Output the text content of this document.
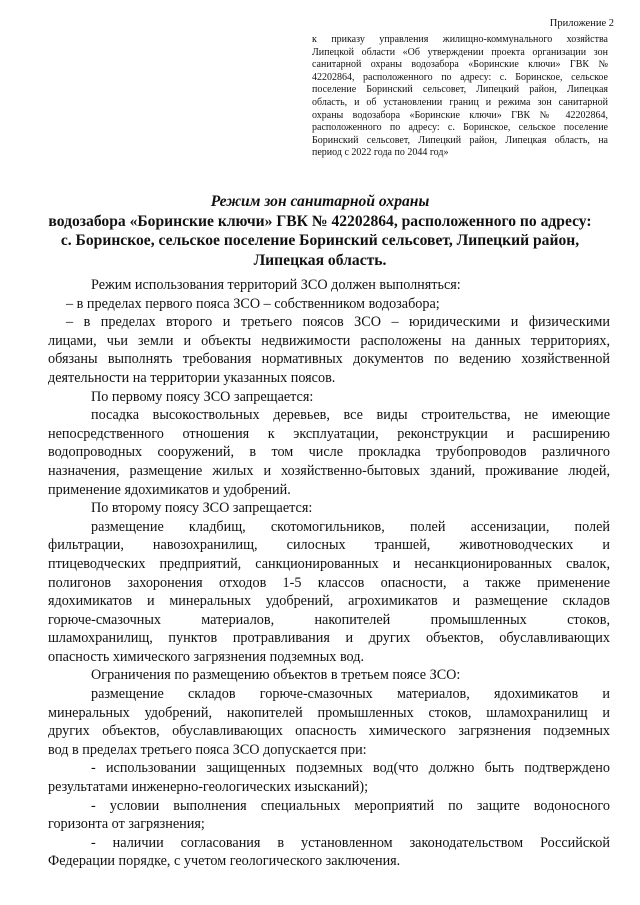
Приложение 2
к приказу управления жилищно-коммунального хозяйства
Липецкой области «Об утверждении проекта организации зон
санитарной охраны водозабора «Боринские ключи» ГВК №
42202864, расположенного по адресу: с. Боринское, сельское
поселение Боринский сельсовет, Липецкий район, Липецкая
область, и об установлении границ и режима зон санитарной
охраны водозабора «Боринские ключи» ГВК № 42202864,
расположенного по адресу: с. Боринское, сельское поселение
Боринский сельсовет, Липецкий район, Липецкая область, на
период с 2022 года по 2044 год»
Режим зон санитарной охраны
водозабора «Боринские ключи» ГВК № 42202864, расположенного по адресу:
с. Боринское, сельское поселение Боринский сельсовет, Липецкий район,
Липецкая область.
Режим использования территорий ЗСО должен выполняться:
– в пределах первого пояса ЗСО – собственником водозабора;
– в пределах второго и третьего поясов ЗСО – юридическими и физическими
лицами, чьи земли и объекты недвижимости расположены на данных территориях,
обязаны выполнять требования нормативных документов по ведению хозяйственной
деятельности на территории указанных поясов.
По первому поясу ЗСО запрещается:
посадка высокоствольных деревьев, все виды строительства, не имеющие
непосредственного отношения к эксплуатации, реконструкции и расширению
водопроводных сооружений, в том числе прокладка трубопроводов различного
назначения, размещение жилых и хозяйственно-бытовых зданий, проживание людей,
применение ядохимикатов и удобрений.
По второму поясу ЗСО запрещается:
размещение кладбищ, скотомогильников, полей ассенизации, полей
фильтрации, навозохранилищ, силосных траншей, животноводческих и
птицеводческих предприятий, санкционированных и несанкционированных свалок,
полигонов захоронения отходов 1-5 классов опасности, а также применение
ядохимикатов и минеральных удобрений, агрохимикатов и размещение складов
горюче-смазочных материалов, накопителей промышленных стоков,
шламохранилищ, пунктов протравливания и других объектов, обуславливающих
опасность химического загрязнения подземных вод.
Ограничения по размещению объектов в третьем поясе ЗСО:
размещение складов горюче-смазочных материалов, ядохимикатов и
минеральных удобрений, накопителей промышленных стоков, шламохранилищ и
других объектов, обуславливающих опасность химического загрязнения подземных
вод в пределах третьего пояса ЗСО допускается при:
- использовании защищенных подземных вод(что должно быть подтверждено
результатами инженерно-геологических изысканий);
- условии выполнения специальных мероприятий по защите водоносного
горизонта от загрязнения;
- наличии согласования в установленном законодательством Российской
Федерации порядке, с учетом геологического заключения.
